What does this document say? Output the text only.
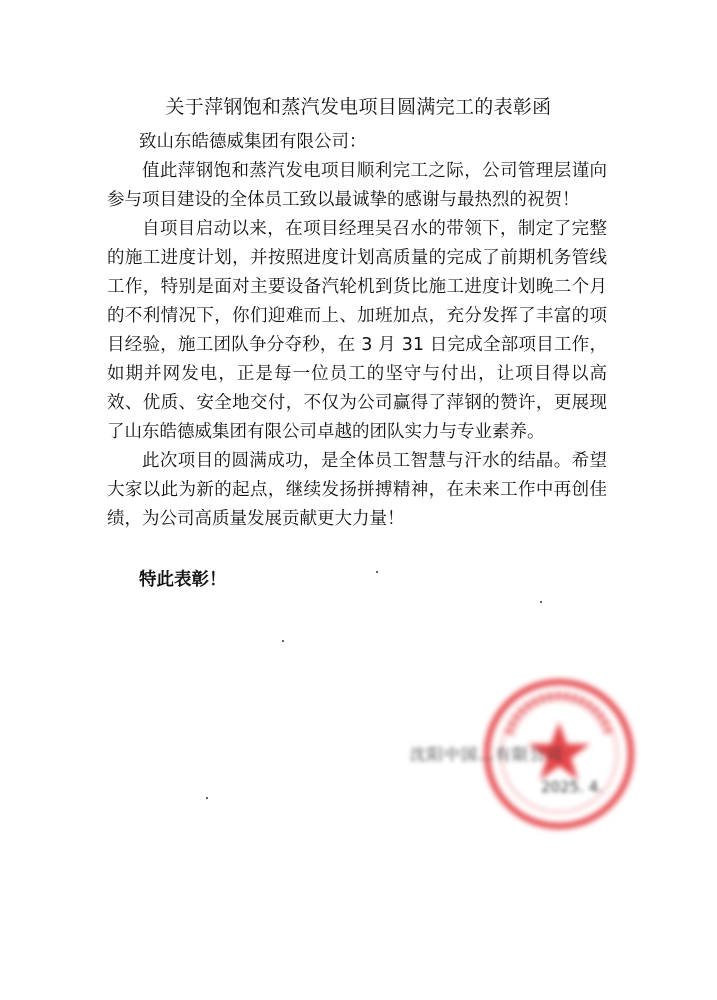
关于萍钢饱和蒸汽发电项目圆满完工的表彰函
致山东皓德威集团有限公司：

值此萍钢饱和蒸汽发电项目顺利完工之际，公司管理层谨向参与项目建设的全体员工致以最诚挚的感谢与最热烈的祝贺！

自项目启动以来，在项目经理吴召水的带领下，制定了完整的施工进度计划，并按照进度计划高质量的完成了前期机务管线工作，特别是面对主要设备汽轮机到货比施工进度计划晚二个月的不利情况下，你们迎难而上、加班加点，充分发挥了丰富的项目经验，施工团队争分夺秒，在 3 月 31 日完成全部项目工作，如期并网发电，正是每一位员工的坚守与付出，让项目得以高效、优质、安全地交付，不仅为公司赢得了萍钢的赞许，更展现了山东皓德威集团有限公司卓越的团队实力与专业素养。

此次项目的圆满成功，是全体员工智慧与汗水的结晶。希望大家以此为新的起点，继续发扬拼搏精神，在未来工作中再创佳绩，为公司高质量发展贡献更大力量！

特此表彰！
沈阳中国…有限公司
2025. 4.
